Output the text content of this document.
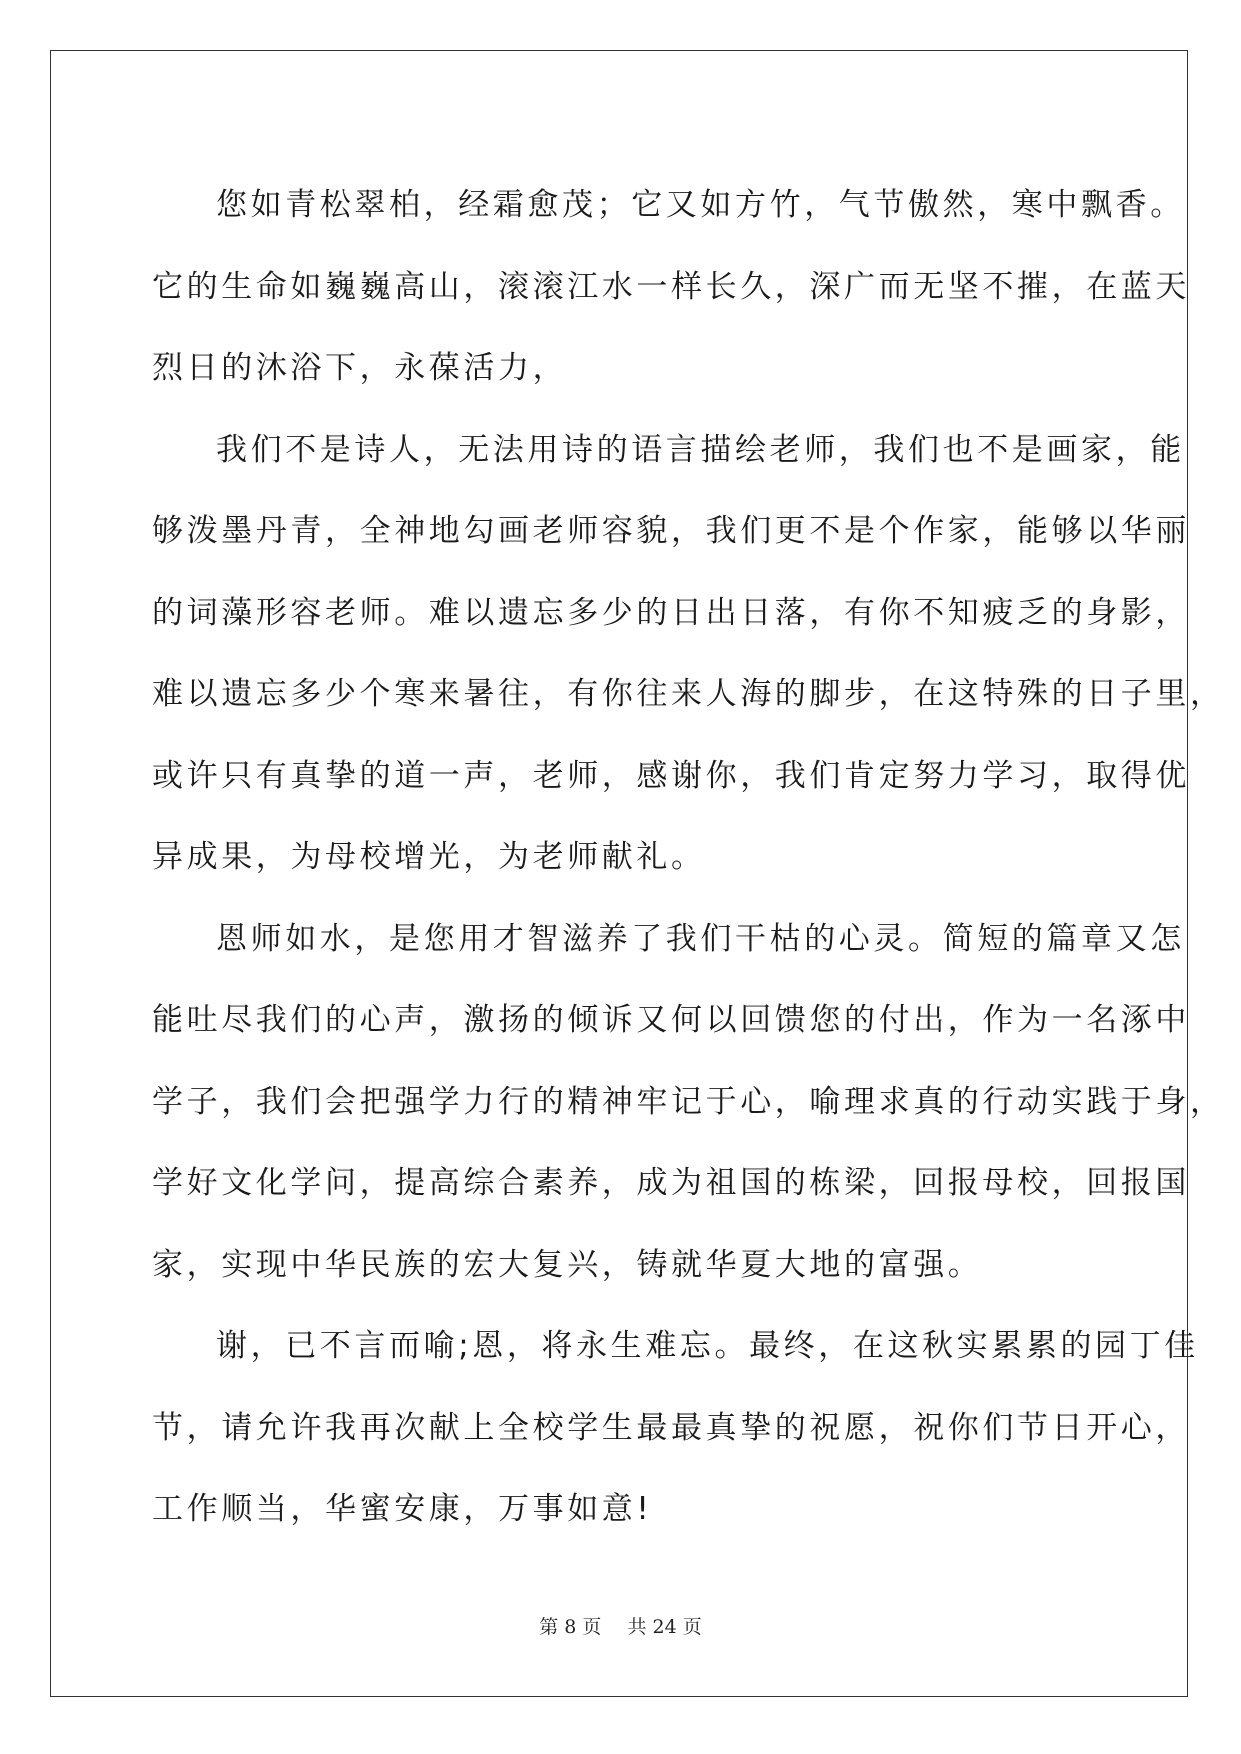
您如青松翠柏，经霜愈茂；它又如方竹，气节傲然，寒中飘香。
它的生命如巍巍高山，滚滚江水一样长久，深广而无坚不摧，在蓝天
烈日的沐浴下，永葆活力，
我们不是诗人，无法用诗的语言描绘老师，我们也不是画家，能
够泼墨丹青，全神地勾画老师容貌，我们更不是个作家，能够以华丽
的词藻形容老师。难以遗忘多少的日出日落，有你不知疲乏的身影，
难以遗忘多少个寒来暑往，有你往来人海的脚步，在这特殊的日子里，
或许只有真挚的道一声，老师，感谢你，我们肯定努力学习，取得优
异成果，为母校增光，为老师献礼。
恩师如水，是您用才智滋养了我们干枯的心灵。简短的篇章又怎
能吐尽我们的心声，激扬的倾诉又何以回馈您的付出，作为一名涿中
学子，我们会把强学力行的精神牢记于心，喻理求真的行动实践于身，
学好文化学问，提高综合素养，成为祖国的栋梁，回报母校，回报国
家，实现中华民族的宏大复兴，铸就华夏大地的富强。
谢，已不言而喻;恩，将永生难忘。最终，在这秋实累累的园丁佳
节，请允许我再次献上全校学生最最真挚的祝愿，祝你们节日开心，
工作顺当，华蜜安康，万事如意!
第 8 页 共 24 页
